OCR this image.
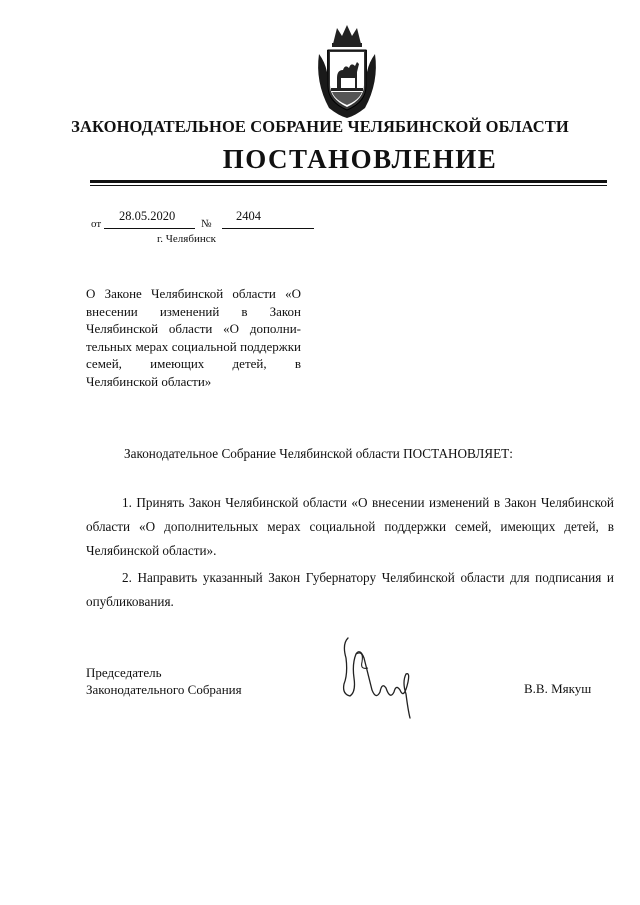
ЗАКОНОДАТЕЛЬНОЕ СОБРАНИЕ ЧЕЛЯБИНСКОЙ ОБЛАСТИ
ПОСТАНОВЛЕНИЕ
от
28.05.2020
№
2404
г. Челябинск
О Законе Челябинской области «О внесении изменений в Закон Челябинской области «О дополнительных мерах социальной поддержки семей, имеющих детей, в Челябинской области»
Законодательное Собрание Челябинской области ПОСТАНОВЛЯЕТ:
1. Принять Закон Челябинской области «О внесении изменений в Закон Челябинской области «О дополнительных мерах социальной поддержки семей, имеющих детей, в Челябинской области».
2. Направить указанный Закон Губернатору Челябинской области для подписания и опубликования.
Председатель
Законодательного Собрания	В.В. Мякуш
